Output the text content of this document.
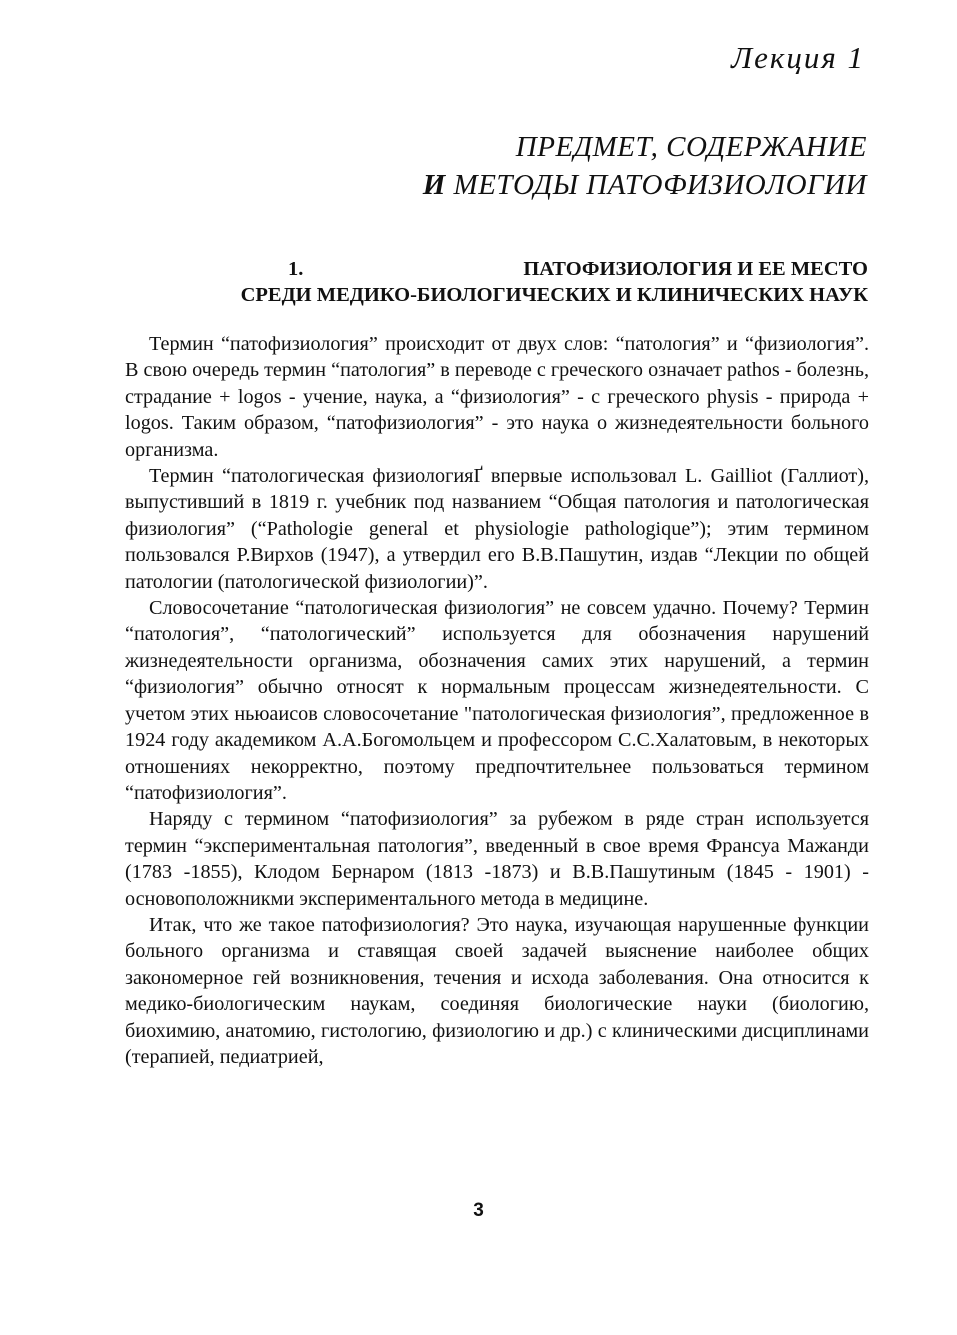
Лекция 1
ПРЕДМЕТ, СОДЕРЖАНИЕ
И МЕТОДЫ ПАТОФИЗИОЛОГИИ
1.	ПАТОФИЗИОЛОГИЯ И ЕЕ МЕСТО
СРЕДИ МЕДИКО-БИОЛОГИЧЕСКИХ И КЛИНИЧЕСКИХ НАУК

Термин “патофизиология” происходит от двух слов: “патология” и “физиология”. В свою очередь термин “патология” в переводе с греческого означает pathos - болезнь, страдание + logos - учение, наука, а “физиология” - с греческого physis - природа + logos. Таким образом, “патофизиология” - это наука о жизнедеятельности больного организма.

Термин “патологическая физиологияҐ впервые использовал L. Gailliot (Галлиот), выпустивший в 1819 г. учебник под названием “Общая патология и патологическая физиология” (“Pathologie general et physiologie pathologique”); этим термином пользовался Р.Вирхов (1947), а утвердил его В.В.Пашутин, издав “Лекции по общей патологии (патологической физиологии)”.

Словосочетание “патологическая физиология” не совсем удачно. Почему? Термин “патология”, “патологический” используется для обозначения нарушений жизнедеятельности организма, обозначения самих этих нарушений, а термин “физиология” обычно относят к нормальным процессам жизнедеятельности. С учетом этих ньюаисов словосочетание "патологическая физиология”, предложенное в 1924 году академиком А.А.Богомольцем и профессором С.С.Халатовым, в некоторых отношениях некорректно, поэтому предпочтительнее пользоваться термином “патофизиология”.

Наряду с термином “патофизиология” за рубежом в ряде стран используется термин “экспериментальная патология”, введенный в свое время Франсуа Мажанди (1783 -1855), Клодом Бернаром (1813 -1873) и В.В.Пашутиным (1845 - 1901) - основоположникми экспериментального метода в медицине.

Итак, что же такое патофизиология? Это наука, изучающая нарушенные функции больного организма и ставящая своей задачей выяснение наиболее общих закономерное гей возникновения, течения и исхода заболевания. Она относится к медико-биологическим наукам, соединяя биологические науки (биологию, биохимию, анатомию, гистологию, физиологию и др.) с клиническими дисциплинами (терапией, педиатрией,

3
